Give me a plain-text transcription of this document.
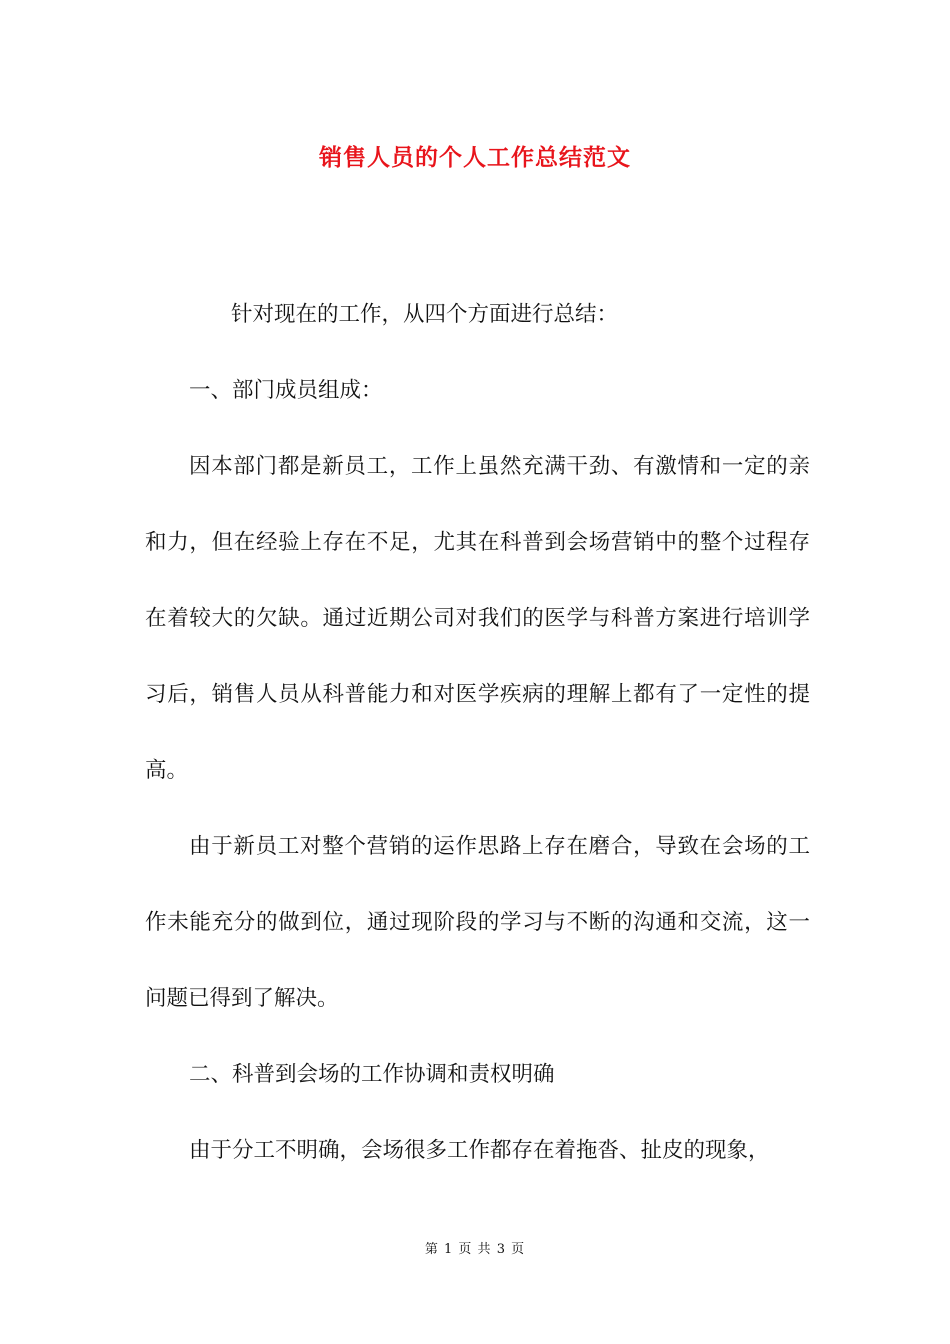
销售人员的个人工作总结范文

针对现在的工作，从四个方面进行总结：

一、部门成员组成：

因本部门都是新员工，工作上虽然充满干劲、有激情和一定的亲和力，但在经验上存在不足，尤其在科普到会场营销中的整个过程存在着较大的欠缺。通过近期公司对我们的医学与科普方案进行培训学习后，销售人员从科普能力和对医学疾病的理解上都有了一定性的提高。

由于新员工对整个营销的运作思路上存在磨合，导致在会场的工作未能充分的做到位，通过现阶段的学习与不断的沟通和交流，这一问题已得到了解决。

二、科普到会场的工作协调和责权明确

由于分工不明确，会场很多工作都存在着拖沓、扯皮的现象，

第 1 页 共 3 页
